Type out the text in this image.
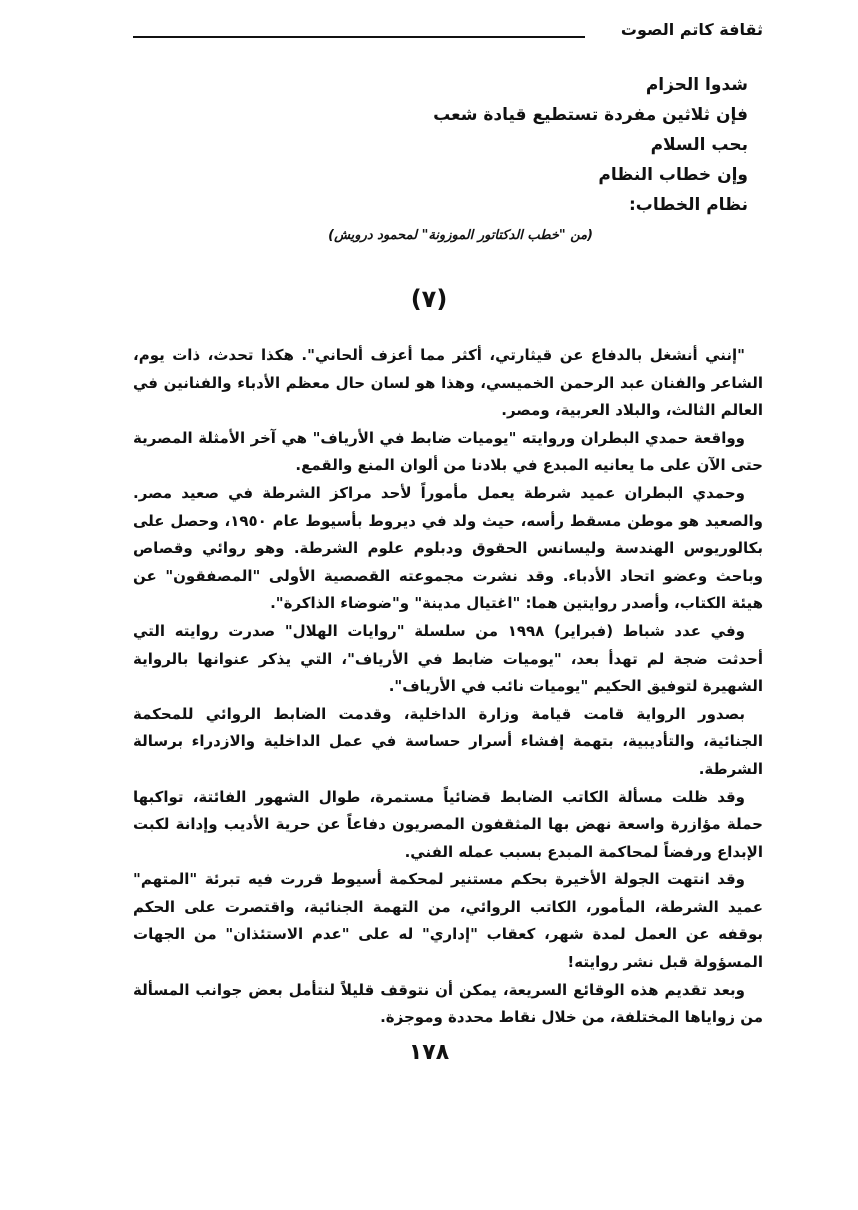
ثقافة كاتم الصوت
شدوا الحزام
فإن ثلاثين مفردة تستطيع قيادة شعب
بحب السلام
وإن خطاب النظام
نظام الخطاب:
(من "خطب الدكتاتور الموزونة" لمحمود درويش)
(٧)

"إنني أنشغل بالدفاع عن قيثارتي، أكثر مما أعزف ألحاني". هكذا تحدث، ذات يوم، الشاعر والفنان عبد الرحمن الخميسي، وهذا هو لسان حال معظم الأدباء والفنانين في العالم الثالث، والبلاد العربية، ومصر.

وواقعة حمدي البطران وروايته "يوميات ضابط في الأرياف" هي آخر الأمثلة المصرية حتى الآن على ما يعانيه المبدع في بلادنا من ألوان المنع والقمع.

وحمدي البطران عميد شرطة يعمل مأموراً لأحد مراكز الشرطة في صعيد مصر. والصعيد هو موطن مسقط رأسه، حيث ولد في ديروط بأسيوط عام ١٩٥٠، وحصل على بكالوريوس الهندسة وليسانس الحقوق ودبلوم علوم الشرطة. وهو روائي وقصاص وباحث وعضو اتحاد الأدباء. وقد نشرت مجموعته القصصية الأولى "المصفقون" عن هيئة الكتاب، وأصدر روايتين هما: "اغتيال مدينة" و"ضوضاء الذاكرة".

وفي عدد شباط (فبراير) ١٩٩٨ من سلسلة "روايات الهلال" صدرت روايته التي أحدثت ضجة لم تهدأ بعد، "يوميات ضابط في الأرياف"، التي يذكر عنوانها بالرواية الشهيرة لتوفيق الحكيم "يوميات نائب في الأرياف".

بصدور الرواية قامت قيامة وزارة الداخلية، وقدمت الضابط الروائي للمحكمة الجنائية، والتأديبية، بتهمة إفشاء أسرار حساسة في عمل الداخلية والازدراء برسالة الشرطة.

وقد ظلت مسألة الكاتب الضابط قضائياً مستمرة، طوال الشهور الفائتة، تواكبها حملة مؤازرة واسعة نهض بها المثقفون المصريون دفاعاً عن حرية الأديب وإدانة لكبت الإبداع ورفضاً لمحاكمة المبدع بسبب عمله الفني.

وقد انتهت الجولة الأخيرة بحكم مستنير لمحكمة أسيوط قررت فيه تبرئة "المتهم" عميد الشرطة، المأمور، الكاتب الروائي، من التهمة الجنائية، واقتصرت على الحكم بوقفه عن العمل لمدة شهر، كعقاب "إداري" له على "عدم الاستئذان" من الجهات المسؤولة قبل نشر روايته!

وبعد تقديم هذه الوقائع السريعة، يمكن أن نتوقف قليلاً لنتأمل بعض جوانب المسألة من زواياها المختلفة، من خلال نقاط محددة وموجزة.

١٧٨
